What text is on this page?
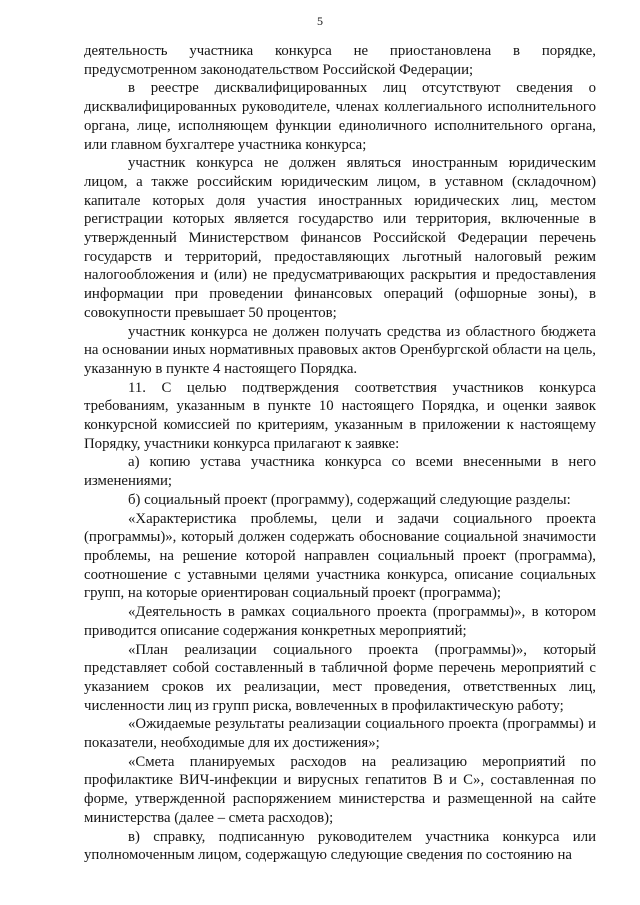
5

деятельность участника конкурса не приостановлена в порядке, предусмотренном законодательством Российской Федерации;

в реестре дисквалифицированных лиц отсутствуют сведения о дисквалифицированных руководителе, членах коллегиального исполнительного органа, лице, исполняющем функции единоличного исполнительного органа, или главном бухгалтере участника конкурса;

участник конкурса не должен являться иностранным юридическим лицом, а также российским юридическим лицом, в уставном (складочном) капитале которых доля участия иностранных юридических лиц, местом регистрации которых является государство или территория, включенные в утвержденный Министерством финансов Российской Федерации перечень государств и территорий, предоставляющих льготный налоговый режим налогообложения и (или) не предусматривающих раскрытия и предоставления информации при проведении финансовых операций (офшорные зоны), в совокупности превышает 50 процентов;

участник конкурса не должен получать средства из областного бюджета на основании иных нормативных правовых актов Оренбургской области на цель, указанную в пункте 4 настоящего Порядка.

11. С целью подтверждения соответствия участников конкурса требованиям, указанным в пункте 10 настоящего Порядка, и оценки заявок конкурсной комиссией по критериям, указанным в приложении к настоящему Порядку, участники конкурса прилагают к заявке:

а) копию устава участника конкурса со всеми внесенными в него изменениями;

б) социальный проект (программу), содержащий следующие разделы:

«Характеристика проблемы, цели и задачи социального проекта (программы)», который должен содержать обоснование социальной значимости проблемы, на решение которой направлен социальный проект (программа), соотношение с уставными целями участника конкурса, описание социальных групп, на которые ориентирован социальный проект (программа);

«Деятельность в рамках социального проекта (программы)», в котором приводится описание содержания конкретных мероприятий;

«План реализации социального проекта (программы)», который представляет собой составленный в табличной форме перечень мероприятий с указанием сроков их реализации, мест проведения, ответственных лиц, численности лиц из групп риска, вовлеченных в профилактическую работу;

«Ожидаемые результаты реализации социального проекта (программы) и показатели, необходимые для их достижения»;

«Смета планируемых расходов на реализацию мероприятий по профилактике ВИЧ-инфекции и вирусных гепатитов В и С», составленная по форме, утвержденной распоряжением министерства и размещенной на сайте министерства (далее – смета расходов);

в) справку, подписанную руководителем участника конкурса или уполномоченным лицом, содержащую следующие сведения по состоянию на
